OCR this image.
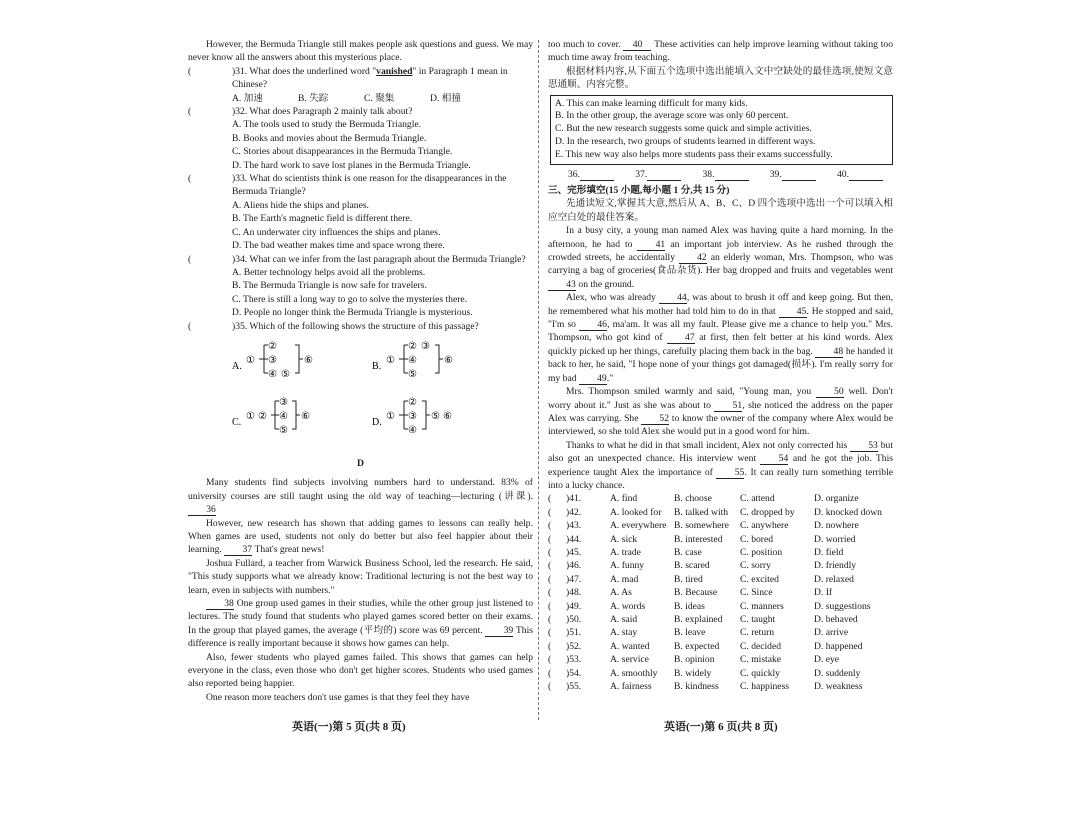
However, the Bermuda Triangle still makes people ask questions and guess. We may never know all the answers about this mysterious place.

(	)31. What does the underlined word "vanished" in Paragraph 1 mean in Chinese?
A. 加速	B. 失踪	C. 聚集	D. 相撞
(	)32. What does Paragraph 2 mainly talk about?

A. The tools used to study the Bermuda Triangle.

B. Books and movies about the Bermuda Triangle.

C. Stories about disappearances in the Bermuda Triangle.

D. The hard work to save lost planes in the Bermuda Triangle.

(	)33. What do scientists think is one reason for the disappearances in the Bermuda Triangle?

A. Aliens hide the ships and planes.

B. The Earth's magnetic field is different there.

C. An underwater city influences the ships and planes.

D. The bad weather makes time and space wrong there.

(	)34. What can we infer from the last paragraph about the Bermuda Triangle?

A. Better technology helps avoid all the problems.

B. The Bermuda Triangle is now safe for travelers.

C. There is still a long way to go to solve the mysteries there.

D. People no longer think the Bermuda Triangle is mysterious.

(	)35. Which of the following shows the structure of this passage?
A.
①
②
③
④ ⑤
⑥
B.
①
② ③
④
⑤
⑥
C.
① ②
③
④
⑤
⑥
D.
①
②
③
④
⑤ ⑥

D

Many students find subjects involving numbers hard to understand. 83% of university courses are still taught using the old way of teaching—lecturing (讲课). 36

However, new research has shown that adding games to lessons can really help. When games are used, students not only do better but also feel happier about their learning. 37 That's great news!

Joshua Fullard, a teacher from Warwick Business School, led the research. He said, "This study supports what we already know: Traditional lecturing is not the best way to learn, even in subjects with numbers."

38 One group used games in their studies, while the other group just listened to lectures. The study found that students who played games scored better on their exams. In the group that played games, the average (平均的) score was 69 percent. 39 This difference is really important because it shows how games can help.

Also, fewer students who played games failed. This shows that games can help everyone in the class, even those who don't get higher scores. Students who used games also reported being happier.

One reason more teachers don't use games is that they feel they have

英语(一)第 5 页(共 8 页)

too much to cover. 40 These activities can help improve learning without taking too much time away from teaching.

根据材料内容,从下面五个选项中选出能填入文中空缺处的最佳选项,使短文意思通顺、内容完整。

A. This can make learning difficult for many kids.

B. In the other group, the average score was only 60 percent.

C. But the new research suggests some quick and simple activities.

D. In the research, two groups of students learned in different ways.

E. This new way also helps more students pass their exams successfully.

36.	37.	38.	39.	40.

三、完形填空(15 小题,每小题 1 分,共 15 分)

先通读短文,掌握其大意,然后从 A、B、C、D 四个选项中选出一个可以填入相应空白处的最佳答案。

In a busy city, a young man named Alex was having quite a hard morning. In the afternoon, he had to 41 an important job interview. As he rushed through the crowded streets, he accidentally 42 an elderly woman, Mrs. Thompson, who was carrying a bag of groceries(食品杂货). Her bag dropped and fruits and vegetables went 43 on the ground.

Alex, who was already 44, was about to brush it off and keep going. But then, he remembered what his mother had told him to do in that 45. He stopped and said, "I'm so 46, ma'am. It was all my fault. Please give me a chance to help you." Mrs. Thompson, who got kind of 47 at first, then felt better at his kind words. Alex quickly picked up her things, carefully placing them back in the bag. 48 he handed it back to her, he said, "I hope none of your things got damaged(损坏). I'm really sorry for my bad 49."

Mrs. Thompson smiled warmly and said, "Young man, you 50 well. Don't worry about it." Just as she was about to 51, she noticed the address on the paper Alex was carrying. She 52 to know the owner of the company where Alex would be interviewed, so she told Alex she would put in a good word for him.

Thanks to what he did in that small incident, Alex not only corrected his 53 but also got an unexpected chance. His interview went 54 and he got the job. This experience taught Alex the importance of 55. It can really turn something terrible into a lucky chance.

(	)41.	A. find	B. choose	C. attend	D. organize
(	)42.	A. looked for	B. talked with	C. dropped by	D. knocked down
(	)43.	A. everywhere B. somewhere	C. anywhere	D. nowhere
(	)44.	A. sick	B. interested	C. bored	D. worried
(	)45.	A. trade	B. case	C. position	D. field
(	)46.	A. funny	B. scared	C. sorry	D. friendly
(	)47.	A. mad	B. tired	C. excited	D. relaxed
(	)48.	A. As	B. Because	C. Since	D. If
(	)49.	A. words	B. ideas	C. manners	D. suggestions
(	)50.	A. said	B. explained	C. taught	D. behaved
(	)51.	A. stay	B. leave	C. return	D. arrive
(	)52.	A. wanted	B. expected	C. decided	D. happened
(	)53.	A. service	B. opinion	C. mistake	D. eye
(	)54.	A. smoothly	B. widely	C. quickly	D. suddenly
(	)55.	A. fairness	B. kindness	C. happiness	D. weakness
英语(一)第 6 页(共 8 页)
